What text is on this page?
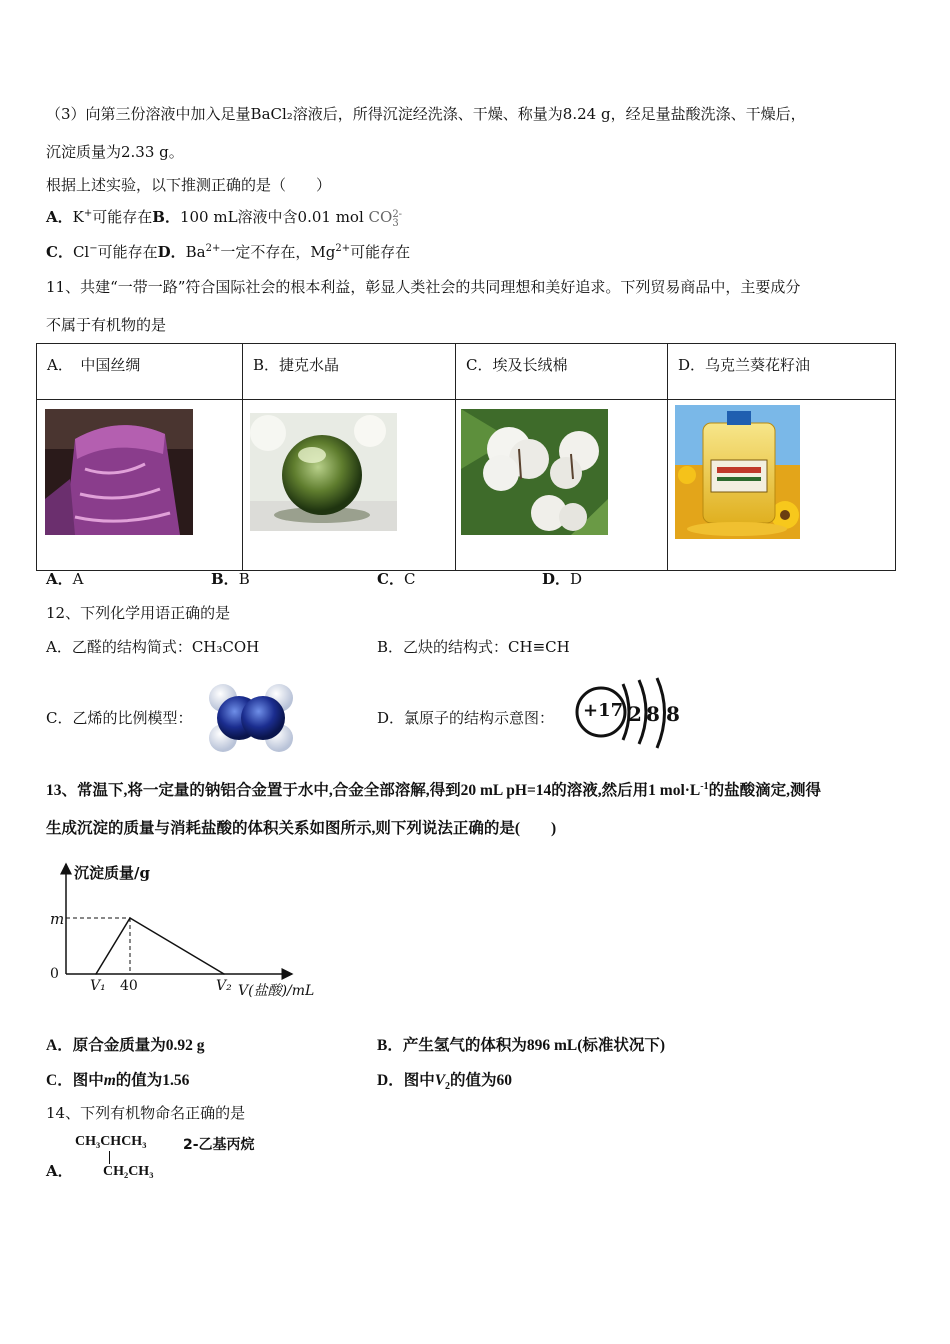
（3）向第三份溶液中加入足量BaCl₂溶液后，所得沉淀经洗涤、干燥、称量为8.24 g，经足量盐酸洗涤、干燥后，
沉淀质量为2.33 g。
根据上述实验，以下推测正确的是（　　）
A．K+可能存在B．100 mL溶液中含0.01 mol CO 2-
3
C．Cl−可能存在D．$Ba^{2+}$一定不存在，$Mg^{2+}$可能存在
11、共建“一带一路”符合国际社会的根本利益，彰显人类社会的共同理想和美好追求。下列贸易商品中，主要成分
不属于有机物的是
A．　中国丝绸	B．捷克水晶	C．埃及长绒棉	D．乌克兰葵花籽油

A．A	B．B	C．C	D．D
12、下列化学用语正确的是
A．乙醛的结构简式：CH₃COH	B．乙炔的结构式：CH≡CH
C．乙烯的比例模型：	D．氯原子的结构示意图： +17 2 8 8
13、常温下,将一定量的钠铝合金置于水中,合金全部溶解,得到20 mL pH=14的溶液,然后用1 $mol\cdot L^{-1}$的盐酸滴定,测得
生成沉淀的质量与消耗盐酸的体积关系如图所示,则下列说法正确的是(　　)
沉淀质量/g
0
m
V₁ 40	V₂ V(盐酸)/mL
A．原合金质量为0.92 g	B．产生氢气的体积为896 mL(标准状况下)
C．图中m的值为1.56	D．图中$V_2$的值为60
14、下列有机物命名正确的是
A．
CH₃CHCH₃
CH₂CH₃
2-乙基丙烷
